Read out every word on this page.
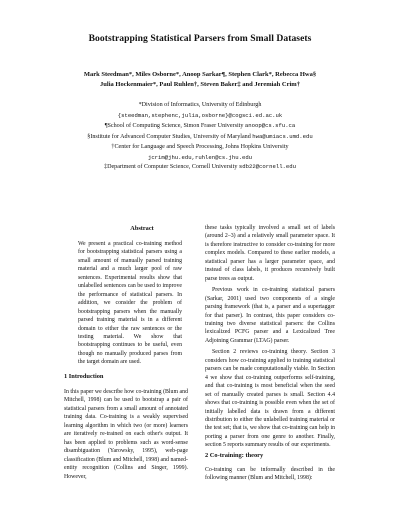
Bootstrapping Statistical Parsers from Small Datasets
Mark Steedman*, Miles Osborne*, Anoop Sarkar¶, Stephen Clark*, Rebecca Hwa§
Julia Hockenmaier*, Paul Ruhlen†, Steven Baker‡ and Jeremiah Crim†
*Division of Informatics, University of Edinburgh
{steedman,stephenc,julia,osborne}@cogsci.ed.ac.uk
¶School of Computing Science, Simon Fraser University anoop@cs.sfu.ca
§Institute for Advanced Computer Studies, University of Maryland hwa@umiacs.umd.edu
†Center for Language and Speech Processing, Johns Hopkins University
jcrim@jhu.edu,ruhlen@cs.jhu.edu
‡Department of Computer Science, Cornell University sdb22@cornell.edu
Abstract

We present a practical co-training method for bootstrapping statistical parsers using a small amount of manually parsed training material and a much larger pool of raw sentences. Experimental results show that unlabelled sentences can be used to improve the performance of statistical parsers. In addition, we consider the problem of bootstrapping parsers when the manually parsed training material is in a different domain to either the raw sentences or the testing material. We show that bootstrapping continues to be useful, even though no manually produced parses from the target domain are used.

1 Introduction

In this paper we describe how co-training (Blum and Mitchell, 1998) can be used to bootstrap a pair of statistical parsers from a small amount of annotated training data. Co-training is a weakly supervised learning algorithm in which two (or more) learners are iteratively re-trained on each other's output. It has been applied to problems such as word-sense disambiguation (Yarowsky, 1995), web-page classification (Blum and Mitchell, 1998) and named-entity recognition (Collins and Singer, 1999). However,

these tasks typically involved a small set of labels (around 2–3) and a relatively small parameter space. It is therefore instructive to consider co-training for more complex models. Compared to these earlier models, a statistical parser has a larger parameter space, and instead of class labels, it produces recursively built parse trees as output.

Previous work in co-training statistical parsers (Sarkar, 2001) used two components of a single parsing framework (that is, a parser and a supertagger for that parser). In contrast, this paper considers co-training two diverse statistical parsers: the Collins lexicalized PCFG parser and a Lexicalized Tree Adjoining Grammar (LTAG) parser.

Section 2 reviews co-training theory. Section 3 considers how co-training applied to training statistical parsers can be made computationally viable. In Section 4 we show that co-training outperforms self-training, and that co-training is most beneficial when the seed set of manually created parses is small. Section 4.4 shows that co-training is possible even when the set of initially labelled data is drawn from a different distribution to either the unlabelled training material or the test set; that is, we show that co-training can help in porting a parser from one genre to another. Finally, section 5 reports summary results of our experiments.

2 Co-training: theory

Co-training can be informally described in the following manner (Blum and Mitchell, 1998):
